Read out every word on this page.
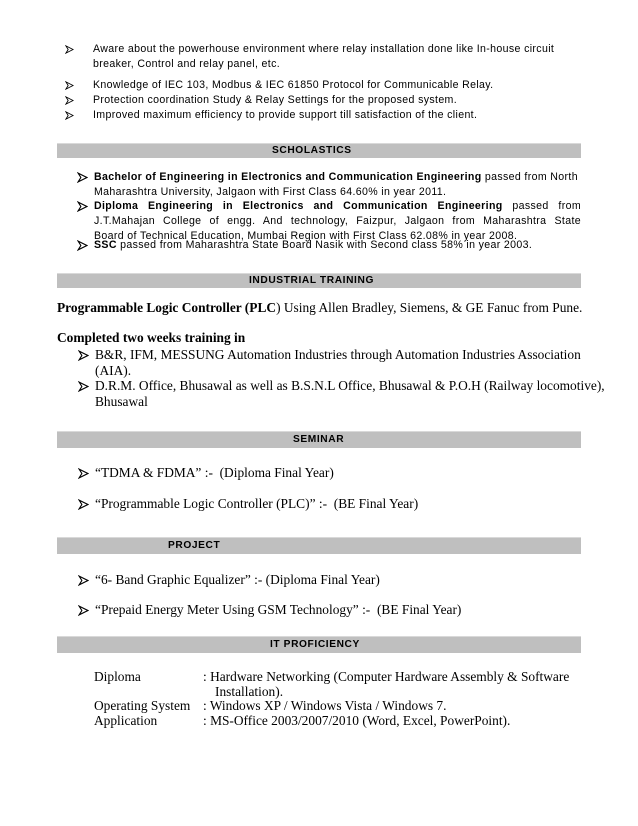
Aware about the powerhouse environment where relay installation done like In-house circuit
breaker, Control and relay panel, etc.
Knowledge of IEC 103, Modbus & IEC 61850 Protocol for Communicable Relay.
Protection coordination Study & Relay Settings for the proposed system.
Improved maximum efficiency to provide support till satisfaction of the client.
SCHOLASTICS
Bachelor of Engineering in Electronics and Communication Engineering passed from North
Maharashtra University, Jalgaon with First Class 64.60% in year 2011.
Diploma Engineering in Electronics and Communication Engineering passed from
J.T.Mahajan College of engg. And technology, Faizpur, Jalgaon from Maharashtra State
Board of Technical Education, Mumbai Region with First Class 62.08% in year 2008.
SSC passed from Maharashtra State Board Nasik with Second class 58% in year 2003.
INDUSTRIAL TRAINING
Programmable Logic Controller (PLC) Using Allen Bradley, Siemens, & GE Fanuc from Pune.
Completed two weeks training in
B&R, IFM, MESSUNG Automation Industries through Automation Industries Association
(AIA).
D.R.M. Office, Bhusawal as well as B.S.N.L Office, Bhusawal & P.O.H (Railway locomotive),
Bhusawal
SEMINAR
“TDMA & FDMA” :-  (Diploma Final Year)
“Programmable Logic Controller (PLC)” :-  (BE Final Year)
PROJECT
“6- Band Graphic Equalizer” :- (Diploma Final Year)
“Prepaid Energy Meter Using GSM Technology” :-  (BE Final Year)
IT PROFICIENCY
Diploma	: Hardware Networking (Computer Hardware Assembly & Software
Installation).
Operating System : Windows XP / Windows Vista / Windows 7.
Application	: MS-Office 2003/2007/2010 (Word, Excel, PowerPoint).
